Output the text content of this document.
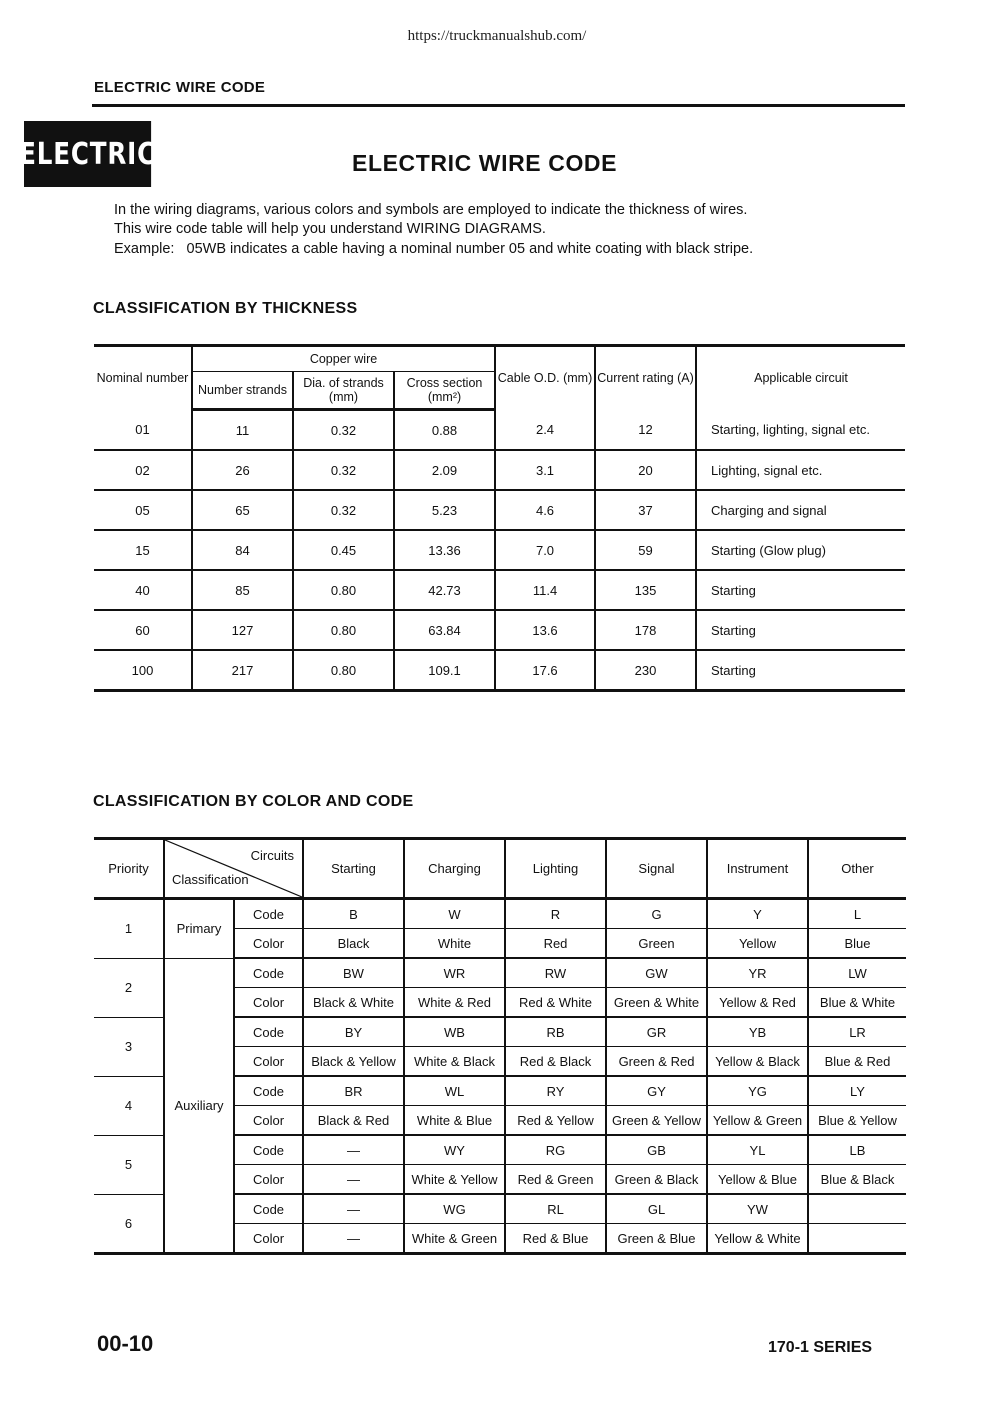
https://truckmanualshub.com/
ELECTRIC WIRE CODE
ELECTRIC	ELECTRIC WIRE CODE
In the wiring diagrams, various colors and symbols are employed to indicate the thickness of wires.
This wire code table will help you understand WIRING DIAGRAMS.
Example:   05WB indicates a cable having a nominal number 05 and white coating with black stripe.
CLASSIFICATION BY THICKNESS
Nominal number	Copper wire			Cable O.D. (mm)	Current rating (A)	Applicable circuit
	Number strands	Dia. of strands (mm)	Cross section (mm²)			
01	11	0.32	0.88	2.4	12	Starting, lighting, signal etc.
02	26	0.32	2.09	3.1	20	Lighting, signal etc.
05	65	0.32	5.23	4.6	37	Charging and signal
15	84	0.45	13.36	7.0	59	Starting (Glow plug)
40	85	0.80	42.73	11.4	135	Starting
60	127	0.80	63.84	13.6	178	Starting
100	217	0.80	109.1	17.6	230	Starting
CLASSIFICATION BY COLOR AND CODE
Priority	Circuits
Classification		Starting	Charging	Lighting	Signal	Instrument	Other
1	Primary	Code	B	W	R	G	Y	L
		Color	Black	White	Red	Green	Yellow	Blue
2	Auxiliary	Code	BW	WR	RW	GW	YR	LW
		Color	Black & White	White & Red	Red & White	Green & White	Yellow & Red	Blue & White
3		Code	BY	WB	RB	GR	YB	LR
		Color	Black & Yellow	White & Black	Red & Black	Green & Red	Yellow & Black	Blue & Red
4		Code	BR	WL	RY	GY	YG	LY
		Color	Black & Red	White & Blue	Red & Yellow	Green & Yellow	Yellow & Green	Blue & Yellow
5		Code	—	WY	RG	GB	YL	LB
		Color	—	White & Yellow	Red & Green	Green & Black	Yellow & Blue	Blue & Black
6		Code	—	WG	RL	GL	YW	
		Color	—	White & Green	Red & Blue	Green & Blue	Yellow & White	
00-10	170-1 SERIES
